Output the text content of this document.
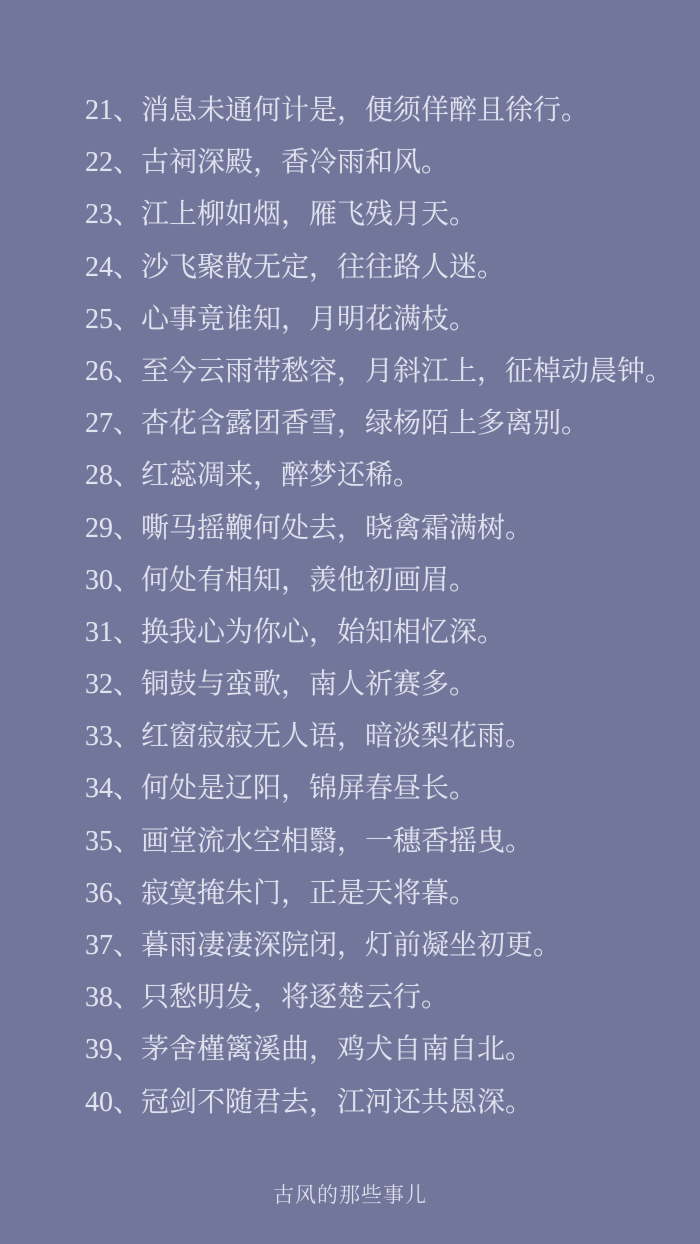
21、消息未通何计是，便须佯醉且徐行。

22、古祠深殿，香冷雨和风。

23、江上柳如烟，雁飞残月天。

24、沙飞聚散无定，往往路人迷。

25、心事竟谁知，月明花满枝。

26、至今云雨带愁容，月斜江上，征棹动晨钟。

27、杏花含露团香雪，绿杨陌上多离别。

28、红蕊凋来，醉梦还稀。

29、嘶马摇鞭何处去，晓禽霜满树。

30、何处有相知，羡他初画眉。

31、换我心为你心，始知相忆深。

32、铜鼓与蛮歌，南人祈赛多。

33、红窗寂寂无人语，暗淡梨花雨。

34、何处是辽阳，锦屏春昼长。

35、画堂流水空相翳，一穗香摇曳。

36、寂寞掩朱门，正是天将暮。

37、暮雨凄凄深院闭，灯前凝坐初更。

38、只愁明发，将逐楚云行。

39、茅舍槿篱溪曲，鸡犬自南自北。

40、冠剑不随君去，江河还共恩深。

古风的那些事儿
